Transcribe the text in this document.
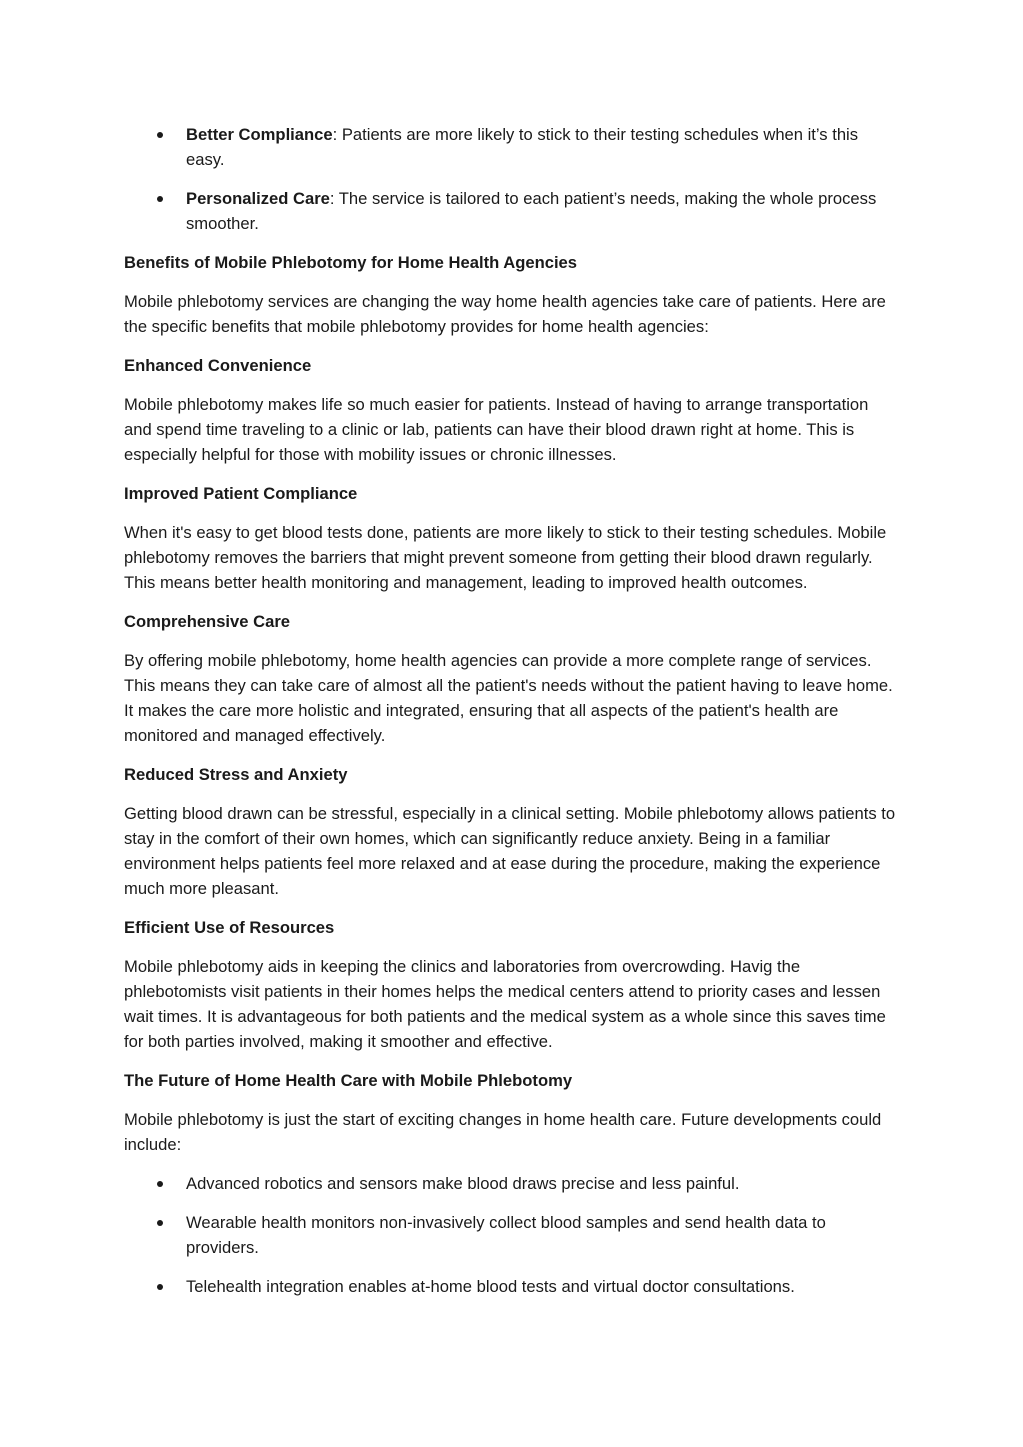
Better Compliance: Patients are more likely to stick to their testing schedules when it’s this easy.
Personalized Care: The service is tailored to each patient’s needs, making the whole process smoother.

Benefits of Mobile Phlebotomy for Home Health Agencies

Mobile phlebotomy services are changing the way home health agencies take care of patients. Here are the specific benefits that mobile phlebotomy provides for home health agencies:

Enhanced Convenience

Mobile phlebotomy makes life so much easier for patients. Instead of having to arrange transportation and spend time traveling to a clinic or lab, patients can have their blood drawn right at home. This is especially helpful for those with mobility issues or chronic illnesses.

Improved Patient Compliance

When it's easy to get blood tests done, patients are more likely to stick to their testing schedules. Mobile phlebotomy removes the barriers that might prevent someone from getting their blood drawn regularly. This means better health monitoring and management, leading to improved health outcomes.

Comprehensive Care

By offering mobile phlebotomy, home health agencies can provide a more complete range of services. This means they can take care of almost all the patient's needs without the patient having to leave home. It makes the care more holistic and integrated, ensuring that all aspects of the patient's health are monitored and managed effectively.

Reduced Stress and Anxiety

Getting blood drawn can be stressful, especially in a clinical setting. Mobile phlebotomy allows patients to stay in the comfort of their own homes, which can significantly reduce anxiety. Being in a familiar environment helps patients feel more relaxed and at ease during the procedure, making the experience much more pleasant.

Efficient Use of Resources

Mobile phlebotomy aids in keeping the clinics and laboratories from overcrowding. Havig the phlebotomists visit patients in their homes helps the medical centers attend to priority cases and lessen wait times. It is advantageous for both patients and the medical system as a whole since this saves time for both parties involved, making it smoother and effective.

The Future of Home Health Care with Mobile Phlebotomy

Mobile phlebotomy is just the start of exciting changes in home health care. Future developments could include:

Advanced robotics and sensors make blood draws precise and less painful.
Wearable health monitors non-invasively collect blood samples and send health data to providers.
Telehealth integration enables at-home blood tests and virtual doctor consultations.
